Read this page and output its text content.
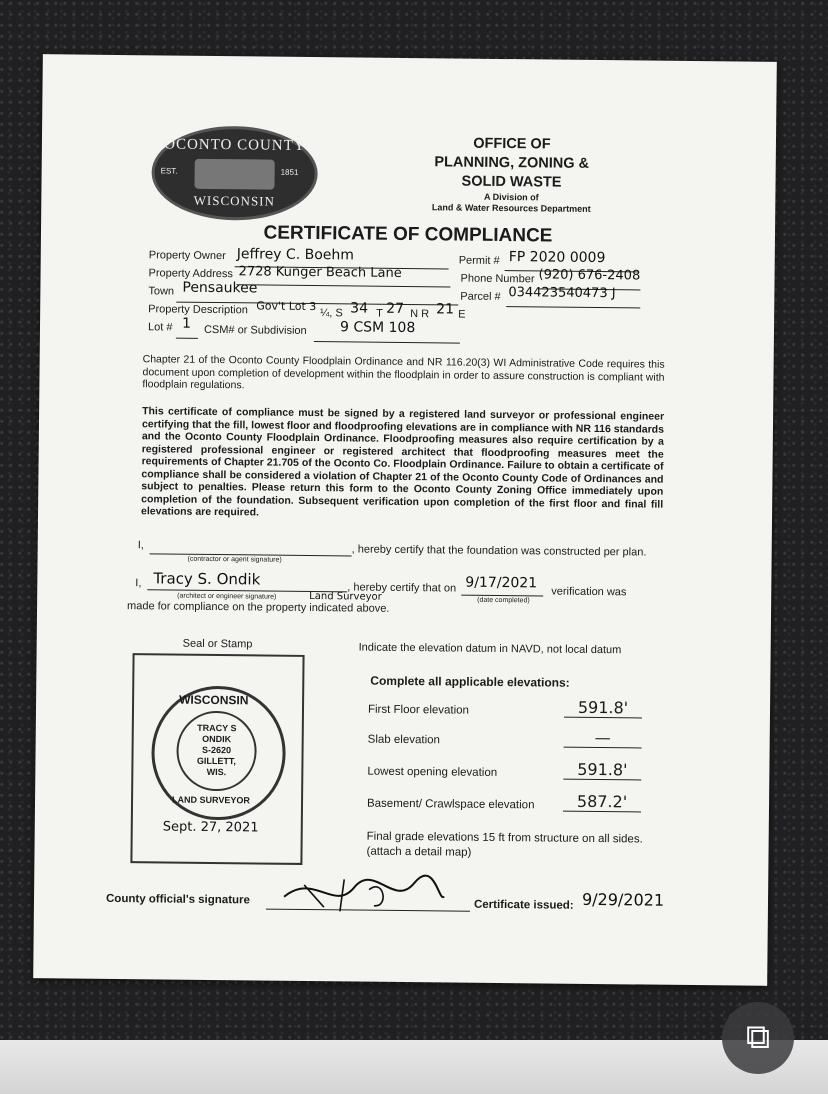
OCONTO COUNTY
EST.	1851
WISCONSIN
OFFICE OF
PLANNING, ZONING &
SOLID WASTE
A Division of
Land & Water Resources Department
CERTIFICATE OF COMPLIANCE
Property Owner Jeffrey C. Boehm	Permit # FP 2020 0009
Property Address 2728 Kunger Beach Lane	Phone Number (920) 676-2408
Town Pensaukee
Parcel # 034423540473 J
Property Description Gov't Lot 3
¼, S 34 T 27 N R 21 E
Lot # 1 CSM# or Subdivision 9 CSM 108
Chapter 21 of the Oconto County Floodplain Ordinance and NR 116.20(3) WI Administrative Code requires this document upon completion of development within the floodplain in order to assure construction is compliant with floodplain regulations.
This certificate of compliance must be signed by a registered land surveyor or professional engineer certifying that the fill, lowest floor and floodproofing elevations are in compliance with NR 116 standards and the Oconto County Floodplain Ordinance. Floodproofing measures also require certification by a registered professional engineer or registered architect that floodproofing measures meet the requirements of Chapter 21.705 of the Oconto Co. Floodplain Ordinance. Failure to obtain a certificate of compliance shall be considered a violation of Chapter 21 of the Oconto County Code of Ordinances and subject to penalties. Please return this form to the Oconto County Zoning Office immediately upon completion of the foundation. Subsequent verification upon completion of the first floor and final fill elevations are required.
I,
(contractor or agent signature)
, hereby certify that the foundation was constructed per plan.
I, Tracy S. Ondik
(architect or engineer signature)	Land Surveyor
, hereby certify that on 9/17/2021
(date completed)
verification was
made for compliance on the property indicated above.
Seal or Stamp
WISCONSIN
TRACY S
ONDIK
S-2620
GILLETT,
WIS.
LAND SURVEYOR
Sept. 27, 2021
Indicate the elevation datum in NAVD, not local datum
Complete all applicable elevations:
First Floor elevation	591.8'
Slab elevation	—
Lowest opening elevation	591.8'
Basement/ Crawlspace elevation	587.2'
Final grade elevations 15 ft from structure on all sides. (attach a detail map)
County official's signature	Certificate issued: 9/29/2021
⧉
